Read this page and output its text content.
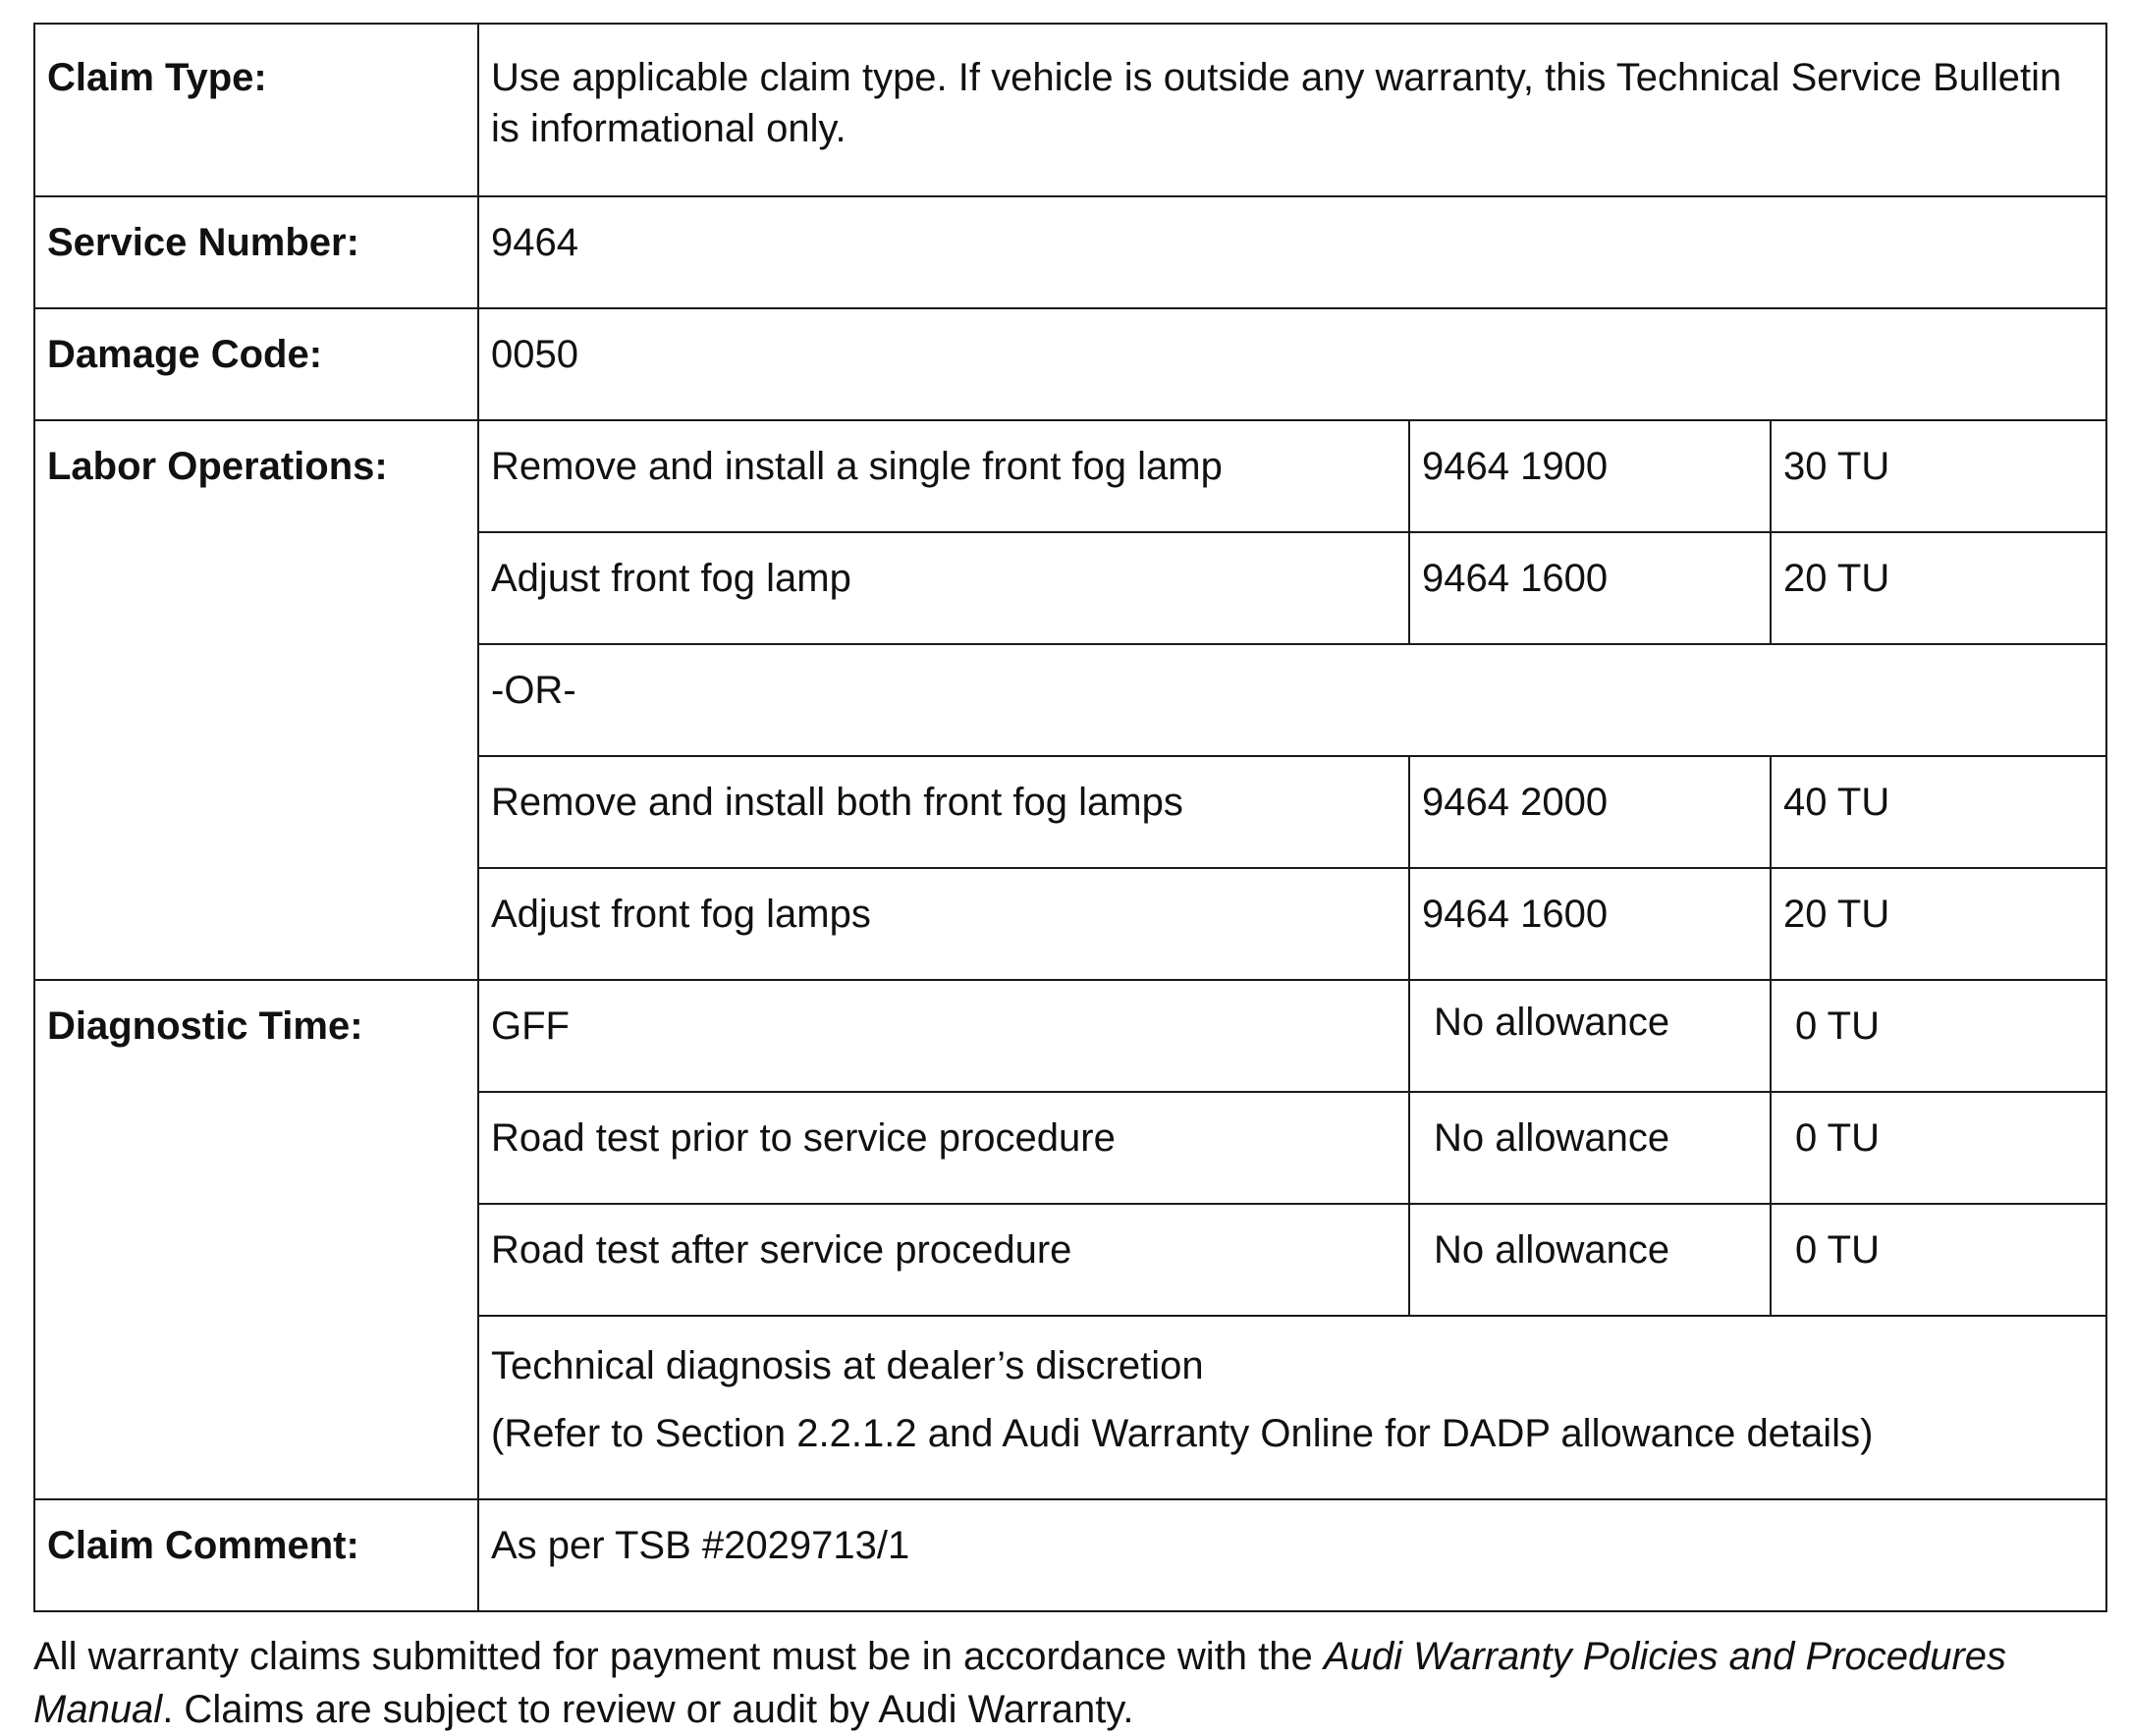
Claim Type:	Use applicable claim type. If vehicle is outside any warranty, this Technical Service Bulletin is informational only.		
Service Number:	9464		
Damage Code:	0050		
Labor Operations:	Remove and install a single front fog lamp	9464 1900	30 TU
	Adjust front fog lamp	9464 1600	20 TU
	-OR-		
	Remove and install both front fog lamps	9464 2000	40 TU
	Adjust front fog lamps	9464 1600	20 TU
Diagnostic Time:	GFF	No allowance	0 TU
	Road test prior to service procedure	No allowance	0 TU
	Road test after service procedure	No allowance	0 TU
	Technical diagnosis at dealer’s discretion
(Refer to Section 2.2.1.2 and Audi Warranty Online for DADP allowance details)		

Claim Comment:	As per TSB #2029713/1		
All warranty claims submitted for payment must be in accordance with the Audi Warranty Policies and Procedures Manual. Claims are subject to review or audit by Audi Warranty.
